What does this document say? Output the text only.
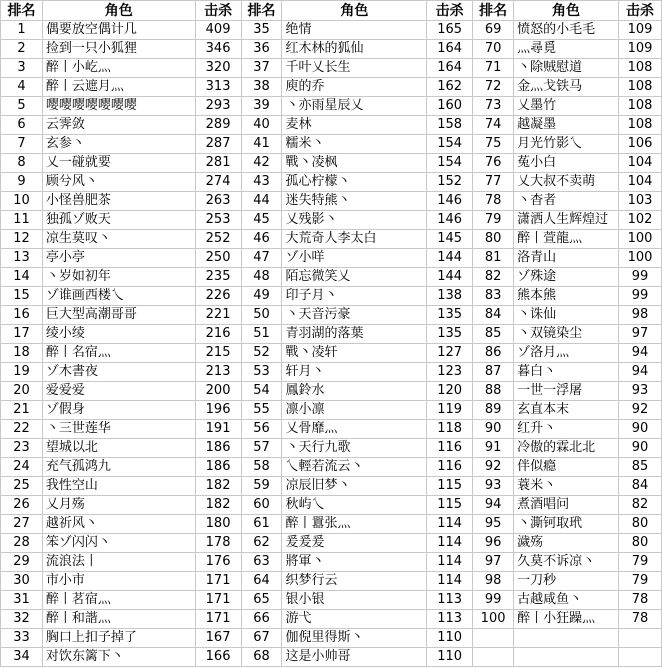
排名	角色	击杀	排名	角色	击杀	排名	角色	击杀
1	偶要放空偶计几	409	35	绝情	165	69	愤怒的小毛毛	109
2	捡到一只小狐狸	346	36	红木林的狐仙	164	70	灬尋覓	109
3	醉丨小屹灬	320	37	千叶乂长生	164	71	丶除贼慰道	108
4	醉丨云遮月灬	313	38	庾的乔	162	72	金灬戈铁马	108
5	嘤嘤嘤嘤嘤嘤嘤	293	39	丶亦雨星辰乂	160	73	乂墨竹	108
6	云霁敛	289	40	麦林	158	74	越凝墨	108
7	玄参丶	287	41	糯米丶	154	75	月光竹影乀	106
8	乂一碰就要	281	42	戰丶凌枫	154	76	菟小白	104
9	顾兮风丶	274	43	孤心柠檬丶	152	77	乂大叔不卖萌	104
10	小怪兽肥茶	263	44	迷失特熊丶	146	78	丶杳者	103
11	独孤ゾ败天	253	45	乂残影丶	146	79	潇洒人生辉煌过	102
12	凉生莫叹丶	252	46	大荒奇人李太白	145	80	醉丨萱龍灬	100
13	亭小亭	250	47	ゾ小咩	144	81	洛青山	100
14	丶岁如初年	235	48	陌忘微笑乂	144	82	ゾ殊途	99
15	ゾ谁画西楼乀	226	49	印子月丶	138	83	熊本熊	99
16	巨大型高潮哥哥	221	50	丶天音污豪	135	84	丶诛仙	98
17	绫小绫	216	51	青羽湖的落葉	135	85	丶双镜染尘	97
18	醉丨名宿灬	215	52	戰丶凌轩	127	86	ゾ洛月灬	94
19	ゾ木書夜	213	53	轩月丶	123	87	暮白丶	94
20	爱爱爱	200	54	鳳鈴水	120	88	一世一浮屠	93
21	ゾ假身	196	55	凛小凛	119	89	玄直本末	92
22	丶三世莲华	191	56	乂骨靡灬	118	90	红升丶	90
23	望城以北	186	57	丶天行九歌	116	91	冷傲的霖北北	90
24	充气孤鸿九	186	58	乀輕若流云丶	116	92	伴似瘾	85
25	我性空山	182	59	凉辰旧梦丶	115	93	蓑米丶	84
26	乂月殇	182	60	秋屿乀	115	94	煮酒唱问	82
27	越祈风丶	180	61	醉丨囂张灬	114	95	丶澌钶取玳	80
28	笨ゾ闪闪丶	178	62	爰爰爰	114	96	濊殇	80
29	流浪法丨	176	63	將軍丶	114	97	久莫不诉凉丶	79
30	市小市	171	64	织梦行云	114	98	一刀秒	79
31	醉丨茗宿灬	171	65	银小银	113	99	古越咸鱼丶	78
32	醉丨和諧灬	171	66	游弋	113	100	醉丨小狂躁灬	78
33	胸口上扣子掉了	167	67	伽倪里得斯丶	110			
34	对饮东篱下丶	166	68	这是小帅哥	110			
